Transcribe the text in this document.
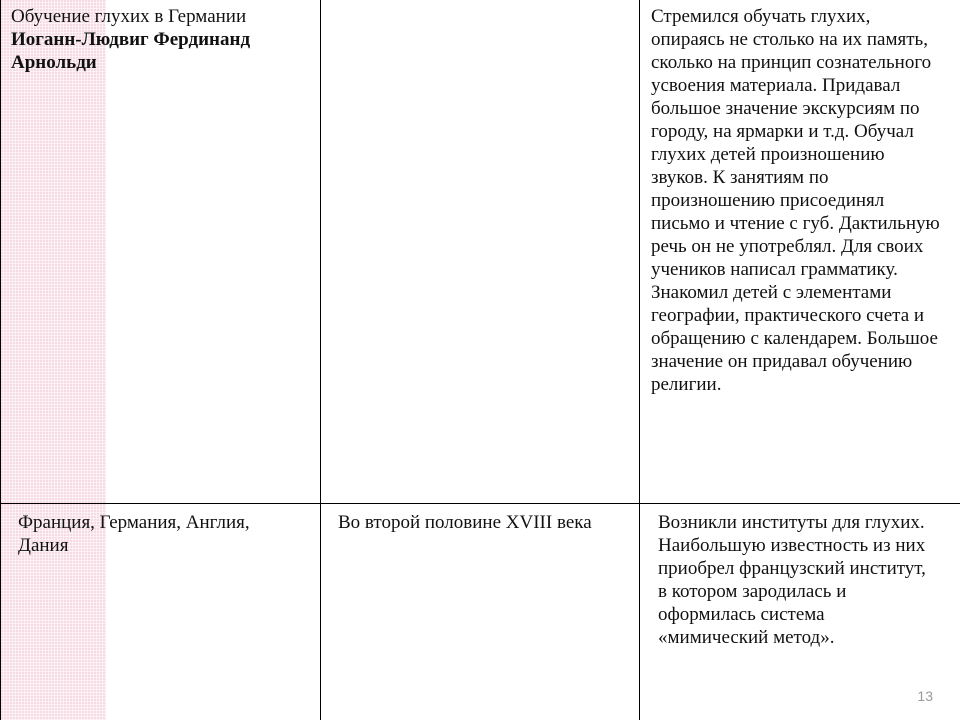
Обучение глухих в Германии
Иоганн-Людвиг Фердинанд Арнольди
Стремился обучать глухих, опираясь не столько на их память, сколько на принцип сознательного усвоения материала. Придавал большое значение экскурсиям по городу, на ярмарки и т.д. Обучал глухих детей произношению звуков. К занятиям по произношению присоединял письмо и чтение с губ. Дактильную речь он не употреблял. Для своих учеников написал грамматику. Знакомил детей с элементами географии, практического счета и обращению с календарем. Большое значение он придавал обучению религии.
Франция, Германия, Англия, Дания
Во второй половине XVIII века	Возникли институты для глухих. Наибольшую известность из них приобрел французский институт, в котором зародилась и оформилась система «мимический метод».
13
